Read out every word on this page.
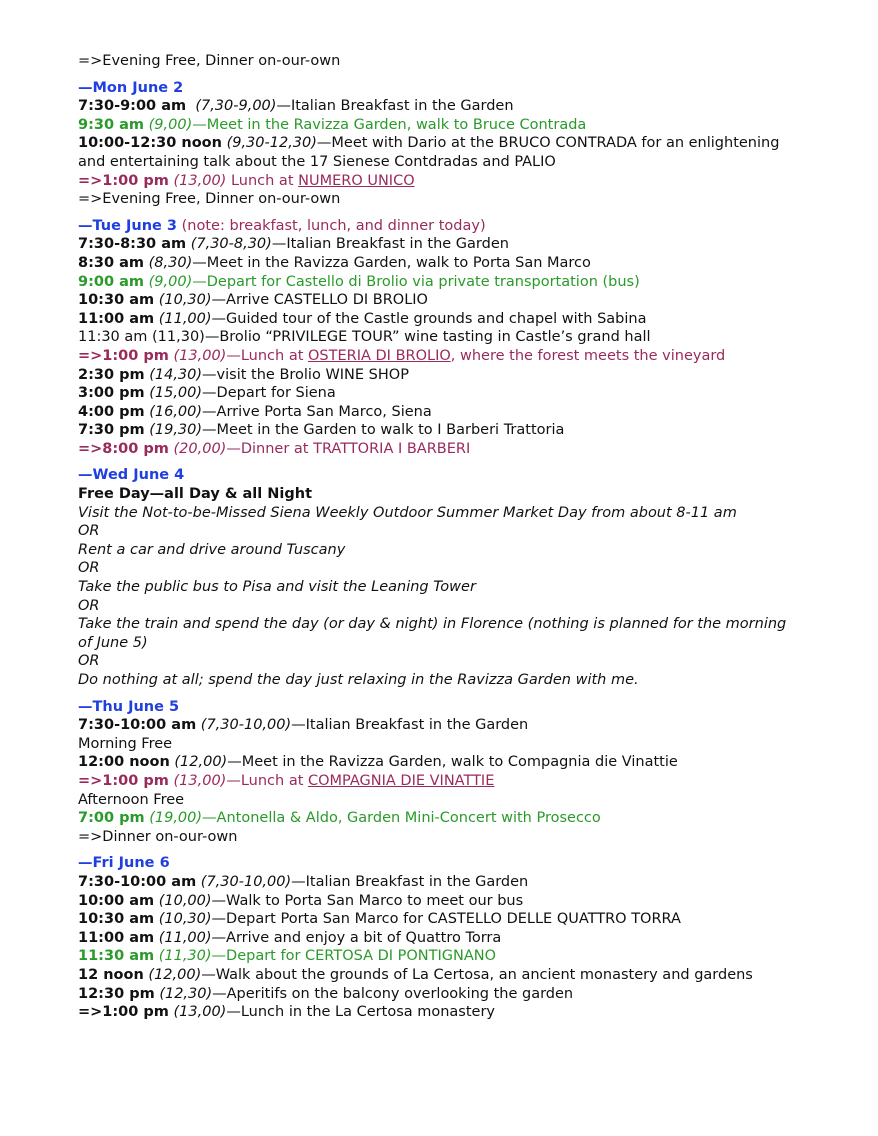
=>Evening Free, Dinner on-our-own
—Mon June 2
7:30-9:00 am (7,30-9,00)—Italian Breakfast in the Garden
9:30 am (9,00)—Meet in the Ravizza Garden, walk to Bruce Contrada
10:00-12:30 noon (9,30-12,30)—Meet with Dario at the BRUCO CONTRADA for an enlightening and entertaining talk about the 17 Sienese Contdradas and PALIO
=>1:00 pm (13,00) Lunch at NUMERO UNICO
=>Evening Free, Dinner on-our-own
—Tue June 3 (note: breakfast, lunch, and dinner today)
7:30-8:30 am (7,30-8,30)—Italian Breakfast in the Garden
8:30 am (8,30)—Meet in the Ravizza Garden, walk to Porta San Marco
9:00 am (9,00)—Depart for Castello di Brolio via private transportation (bus)
10:30 am (10,30)—Arrive CASTELLO DI BROLIO
11:00 am (11,00)—Guided tour of the Castle grounds and chapel with Sabina
11:30 am (11,30)—Brolio “PRIVILEGE TOUR” wine tasting in Castle’s grand hall
=>1:00 pm (13,00)—Lunch at OSTERIA DI BROLIO, where the forest meets the vineyard
2:30 pm (14,30)—visit the Brolio WINE SHOP
3:00 pm (15,00)—Depart for Siena
4:00 pm (16,00)—Arrive Porta San Marco, Siena
7:30 pm (19,30)—Meet in the Garden to walk to I Barberi Trattoria
=>8:00 pm (20,00)—Dinner at TRATTORIA I BARBERI
—Wed June 4
Free Day—all Day & all Night
Visit the Not-to-be-Missed Siena Weekly Outdoor Summer Market Day from about 8-11 am
OR
Rent a car and drive around Tuscany
OR
Take the public bus to Pisa and visit the Leaning Tower
OR
Take the train and spend the day (or day & night) in Florence (nothing is planned for the morning of June 5)
OR
Do nothing at all; spend the day just relaxing in the Ravizza Garden with me.
—Thu June 5
7:30-10:00 am (7,30-10,00)—Italian Breakfast in the Garden
Morning Free
12:00 noon (12,00)—Meet in the Ravizza Garden, walk to Compagnia die Vinattie
=>1:00 pm (13,00)—Lunch at COMPAGNIA DIE VINATTIE
Afternoon Free
7:00 pm (19,00)—Antonella & Aldo, Garden Mini-Concert with Prosecco
=>Dinner on-our-own
—Fri June 6
7:30-10:00 am (7,30-10,00)—Italian Breakfast in the Garden
10:00 am (10,00)—Walk to Porta San Marco to meet our bus
10:30 am (10,30)—Depart Porta San Marco for CASTELLO DELLE QUATTRO TORRA
11:00 am (11,00)—Arrive and enjoy a bit of Quattro Torra
11:30 am (11,30)—Depart for CERTOSA DI PONTIGNANO
12 noon (12,00)—Walk about the grounds of La Certosa, an ancient monastery and gardens
12:30 pm (12,30)—Aperitifs on the balcony overlooking the garden
=>1:00 pm (13,00)—Lunch in the La Certosa monastery
